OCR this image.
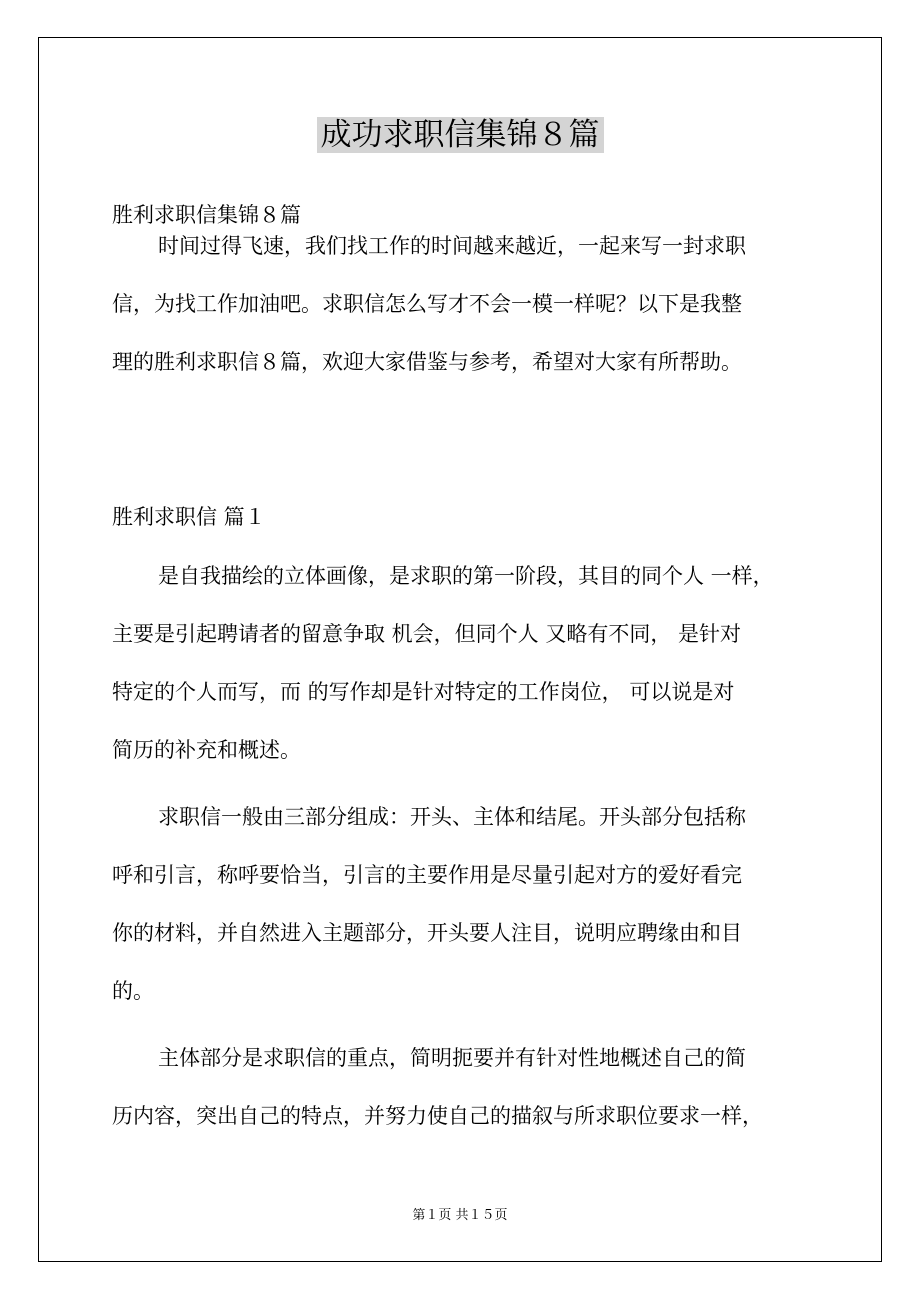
成功求职信集锦８篇

胜利求职信集锦８篇

时间过得飞速，我们找工作的时间越来越近，一起来写一封求职
信，为找工作加油吧。求职信怎么写才不会一模一样呢？以下是我整
理的胜利求职信８篇，欢迎大家借鉴与参考，希望对大家有所帮助。

胜利求职信 篇１

是自我描绘的立体画像，是求职的第一阶段，其目的同个人 一样，
主要是引起聘请者的留意争取 机会，但同个人 又略有不同， 是针对
特定的个人而写，而 的写作却是针对特定的工作岗位， 可以说是对
简历的补充和概述。

求职信一般由三部分组成：开头、主体和结尾。开头部分包括称
呼和引言，称呼要恰当，引言的主要作用是尽量引起对方的爱好看完
你的材料，并自然进入主题部分，开头要人注目，说明应聘缘由和目
的。

主体部分是求职信的重点，简明扼要并有针对性地概述自己的简
历内容，突出自己的特点，并努力使自己的描叙与所求职位要求一样，

第１页 共１５页
